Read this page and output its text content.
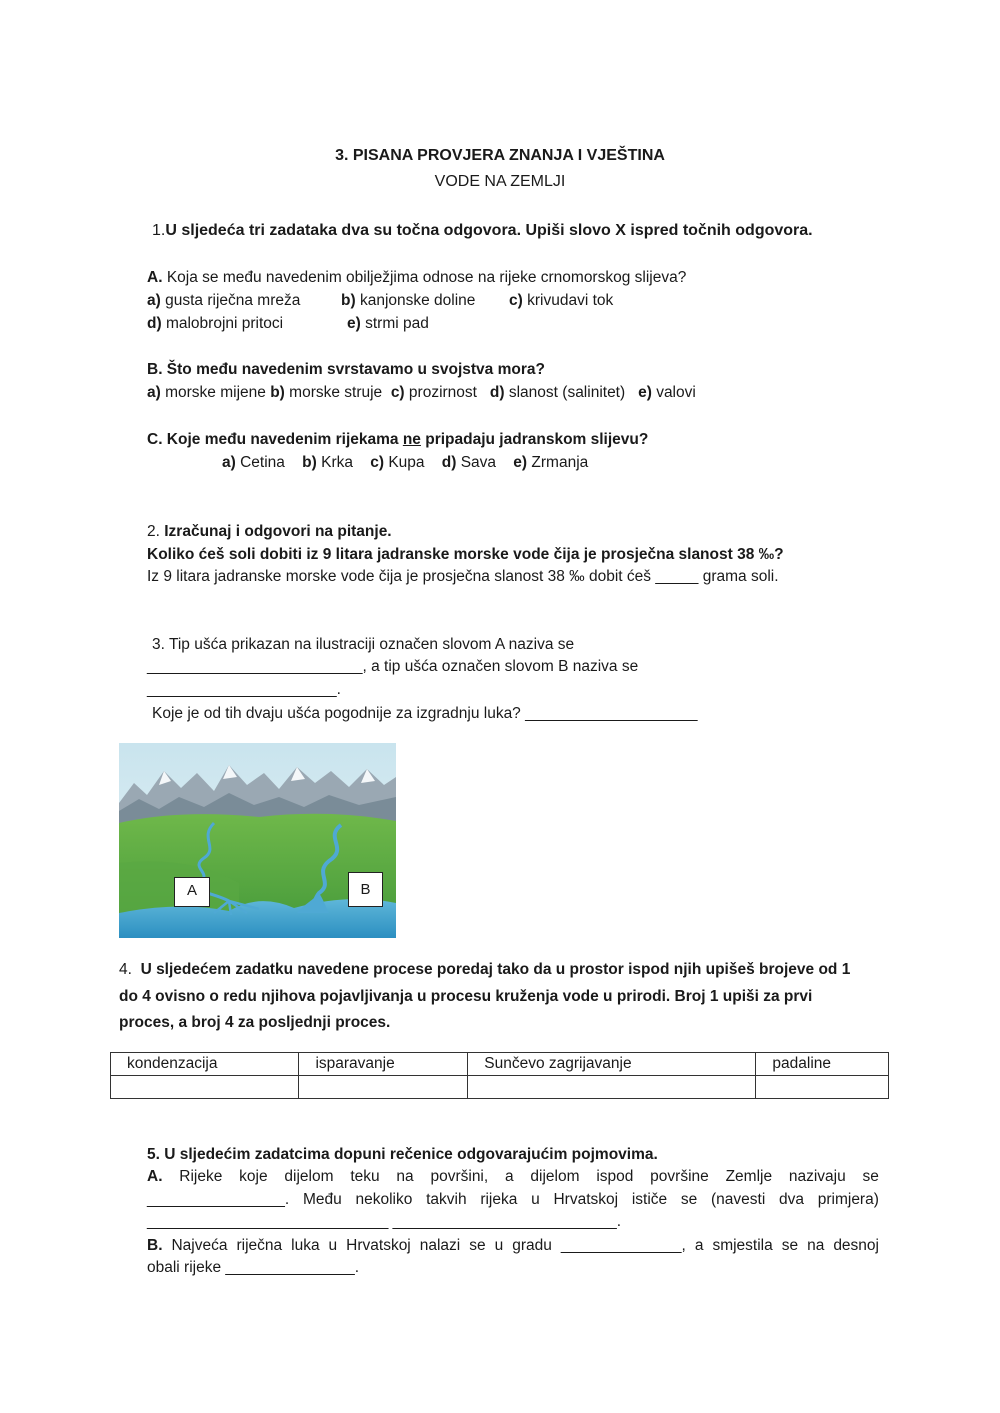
3. PISANA PROVJERA ZNANJA I VJEŠTINA
VODE NA ZEMLJI
1.U sljedeća tri zadataka dva su točna odgovora. Upiši slovo X ispred točnih odgovora.
A. Koja se među navedenim obilježjima odnose na rijeke crnomorskog slijeva?
a) gusta riječna mreža	b) kanjonske doline c) krivudavi tok
d) malobrojni pritoci	e) strmi pad
B. Što među navedenim svrstavamo u svojstva mora?
a) morske mijene b) morske struje c) prozirnost d) slanost (salinitet) e) valovi
C. Koje među navedenim rijekama ne pripadaju jadranskom slijevu?
a) Cetina b) Krka c) Kupa d) Sava e) Zrmanja
2. Izračunaj i odgovori na pitanje.
Koliko ćeš soli dobiti iz 9 litara jadranske morske vode čija je prosječna slanost 38 ‰?
Iz 9 litara jadranske morske vode čija je prosječna slanost 38 ‰ dobit ćeš _____ grama soli.
3. Tip ušća prikazan na ilustraciji označen slovom A naziva se
_________________________, a tip ušća označen slovom B naziva se
______________________.
Koje je od tih dvaju ušća pogodnije za izgradnju luka? ____________________
A	B
4. U sljedećem zadatku navedene procese poredaj tako da u prostor ispod njih upišeš brojeve od 1
do 4 ovisno o redu njihova pojavljivanja u procesu kruženja vode u prirodi. Broj 1 upiši za prvi
proces, a broj 4 za posljednji proces.
kondenzacija	isparavanje	Sunčevo zagrijavanje	padaline

5. U sljedećim zadatcima dopuni rečenice odgovarajućim pojmovima.
A. Rijeke koje dijelom teku na površini, a dijelom ispod površine Zemlje nazivaju se
________________. Među nekoliko takvih rijeka u Hrvatskoj ističe se (navesti dva primjera)
____________________________ __________________________.
B. Najveća riječna luka u Hrvatskoj nalazi se u gradu ______________, a smjestila se na desnoj
obali rijeke _______________.
